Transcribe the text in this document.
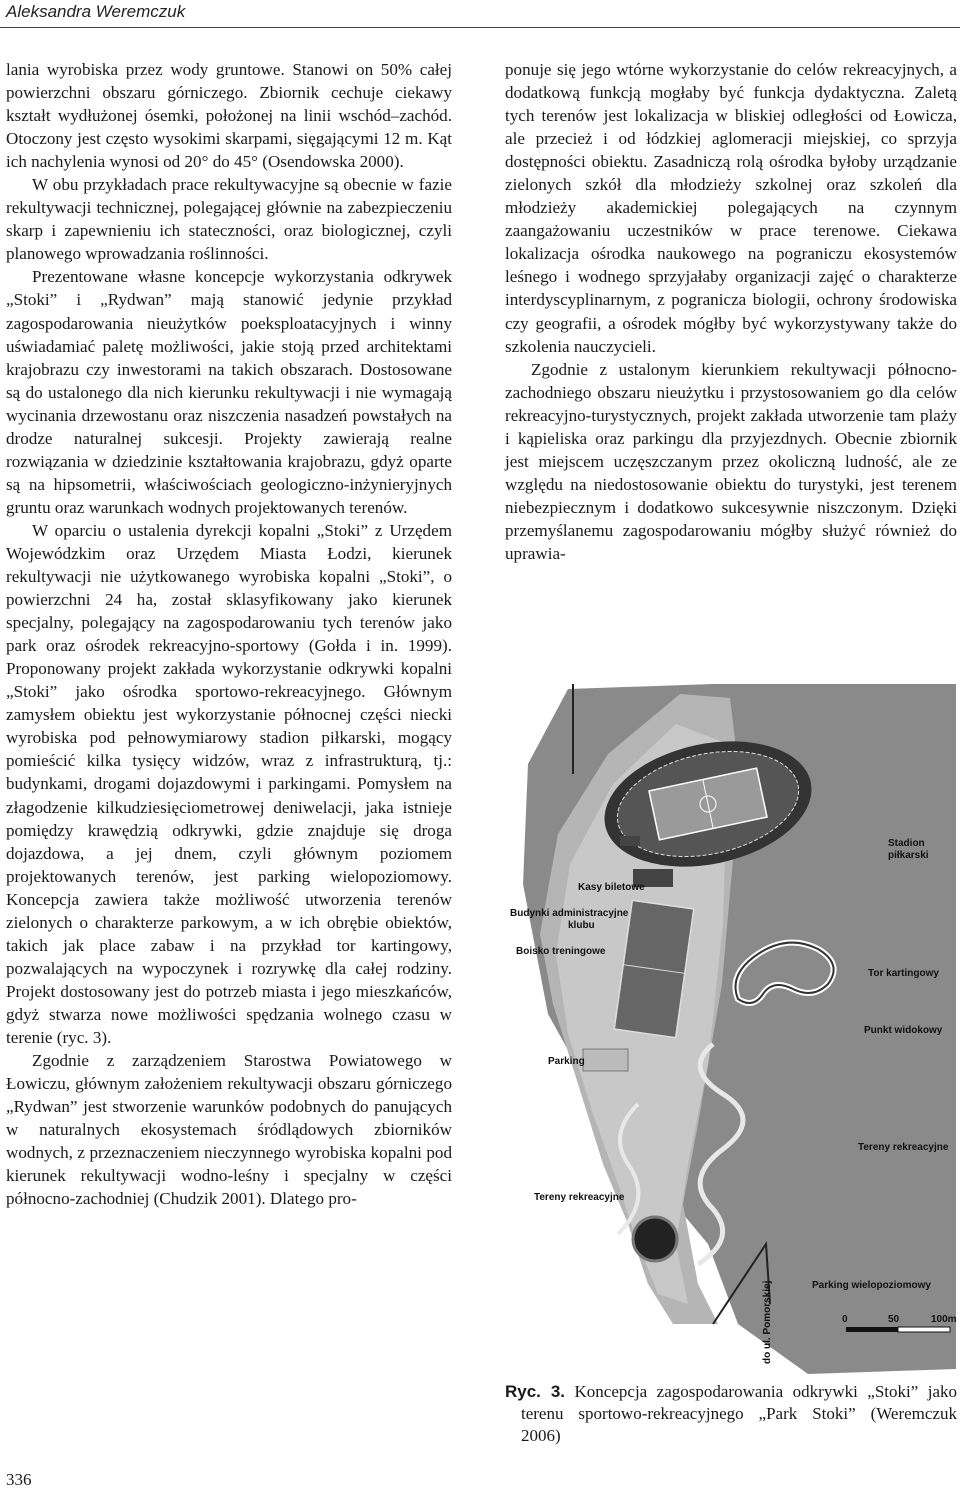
Aleksandra Weremczuk

lania wyrobiska przez wody gruntowe. Stanowi on 50% całej powierzchni obszaru górniczego. Zbiornik cechuje ciekawy kształt wydłużonej ósemki, położonej na linii wschód–zachód. Otoczony jest często wysokimi skarpami, sięgającymi 12 m. Kąt ich nachylenia wynosi od 20° do 45° (Osendowska 2000).

W obu przykładach prace rekultywacyjne są obecnie w fazie rekultywacji technicznej, polegającej głównie na zabezpieczeniu skarp i zapewnieniu ich stateczności, oraz biologicznej, czyli planowego wprowadzania roślinności.

Prezentowane własne koncepcje wykorzystania odkrywek „Stoki” i „Rydwan” mają stanowić jedynie przykład zagospodarowania nieużytków poeksploatacyjnych i winny uświadamiać paletę możliwości, jakie stoją przed architektami krajobrazu czy inwestorami na takich obszarach. Dostosowane są do ustalonego dla nich kierunku rekultywacji i nie wymagają wycinania drzewostanu oraz niszczenia nasadzeń powstałych na drodze naturalnej sukcesji. Projekty zawierają realne rozwiązania w dziedzinie kształtowania krajobrazu, gdyż oparte są na hipsometrii, właściwościach geologiczno-inżynieryjnych gruntu oraz warunkach wodnych projektowanych terenów.

W oparciu o ustalenia dyrekcji kopalni „Stoki” z Urzędem Wojewódzkim oraz Urzędem Miasta Łodzi, kierunek rekultywacji nie użytkowanego wyrobiska kopalni „Stoki”, o powierzchni 24 ha, został sklasyfikowany jako kierunek specjalny, polegający na zagospodarowaniu tych terenów jako park oraz ośrodek rekreacyjno-sportowy (Gołda i in. 1999). Proponowany projekt zakłada wykorzystanie odkrywki kopalni „Stoki” jako ośrodka sportowo-rekreacyjnego. Głównym zamysłem obiektu jest wykorzystanie północnej części niecki wyrobiska pod pełnowymiarowy stadion piłkarski, mogący pomieścić kilka tysięcy widzów, wraz z infrastrukturą, tj.: budynkami, drogami dojazdowymi i parkingami. Pomysłem na złagodzenie kilkudziesięciometrowej deniwelacji, jaka istnieje pomiędzy krawędzią odkrywki, gdzie znajduje się droga dojazdowa, a jej dnem, czyli głównym poziomem projektowanych terenów, jest parking wielopoziomowy. Koncepcja zawiera także możliwość utworzenia terenów zielonych o charakterze parkowym, a w ich obrębie obiektów, takich jak place zabaw i na przykład tor kartingowy, pozwalających na wypoczynek i rozrywkę dla całej rodziny. Projekt dostosowany jest do potrzeb miasta i jego mieszkańców, gdyż stwarza nowe możliwości spędzania wolnego czasu w terenie (ryc. 3).

Zgodnie z zarządzeniem Starostwa Powiatowego w Łowiczu, głównym założeniem rekultywacji obszaru górniczego „Rydwan” jest stworzenie warunków podobnych do panujących w naturalnych ekosystemach śródlądowych zbiorników wodnych, z przeznaczeniem nieczynnego wyrobiska kopalni pod kierunek rekultywacji wodno-leśny i specjalny w części północno-zachodniej (Chudzik 2001). Dlatego pro-

ponuje się jego wtórne wykorzystanie do celów rekreacyjnych, a dodatkową funkcją mogłaby być funkcja dydaktyczna. Zaletą tych terenów jest lokalizacja w bliskiej odległości od Łowicza, ale przecież i od łódzkiej aglomeracji miejskiej, co sprzyja dostępności obiektu. Zasadniczą rolą ośrodka byłoby urządzanie zielonych szkół dla młodzieży szkolnej oraz szkoleń dla młodzieży akademickiej polegających na czynnym zaangażowaniu uczestników w prace terenowe. Ciekawa lokalizacja ośrodka naukowego na pograniczu ekosystemów leśnego i wodnego sprzyjałaby organizacji zajęć o charakterze interdyscyplinarnym, z pogranicza biologii, ochrony środowiska czy geografii, a ośrodek mógłby być wykorzystywany także do szkolenia nauczycieli.

Zgodnie z ustalonym kierunkiem rekultywacji północno-zachodniego obszaru nieużytku i przystosowaniem go dla celów rekreacyjno-turystycznych, projekt zakłada utworzenie tam plaży i kąpieliska oraz parkingu dla przyjezdnych. Obecnie zbiornik jest miejscem uczęszczanym przez okoliczną ludność, ale ze względu na niedostosowanie obiektu do turystyki, jest terenem niebezpiecznym i dodatkowo sukcesywnie niszczonym. Dzięki przemyślanemu zagospodarowaniu mógłby służyć również do uprawia-

Stadion
piłkarski
Kasy biletowe
Budynki administracyjne
klubu
Boisko treningowe
Tor kartingowy
Punkt widokowy
Parking
Tereny rekreacyjne
Tereny rekreacyjne
Parking wielopoziomowy
do ul. Pomorskiej	0	50	100m
Ryc. 3. Koncepcja zagospodarowania odkrywki „Stoki” jako terenu sportowo-rekreacyjnego „Park Stoki” (Weremczuk 2006)
336
